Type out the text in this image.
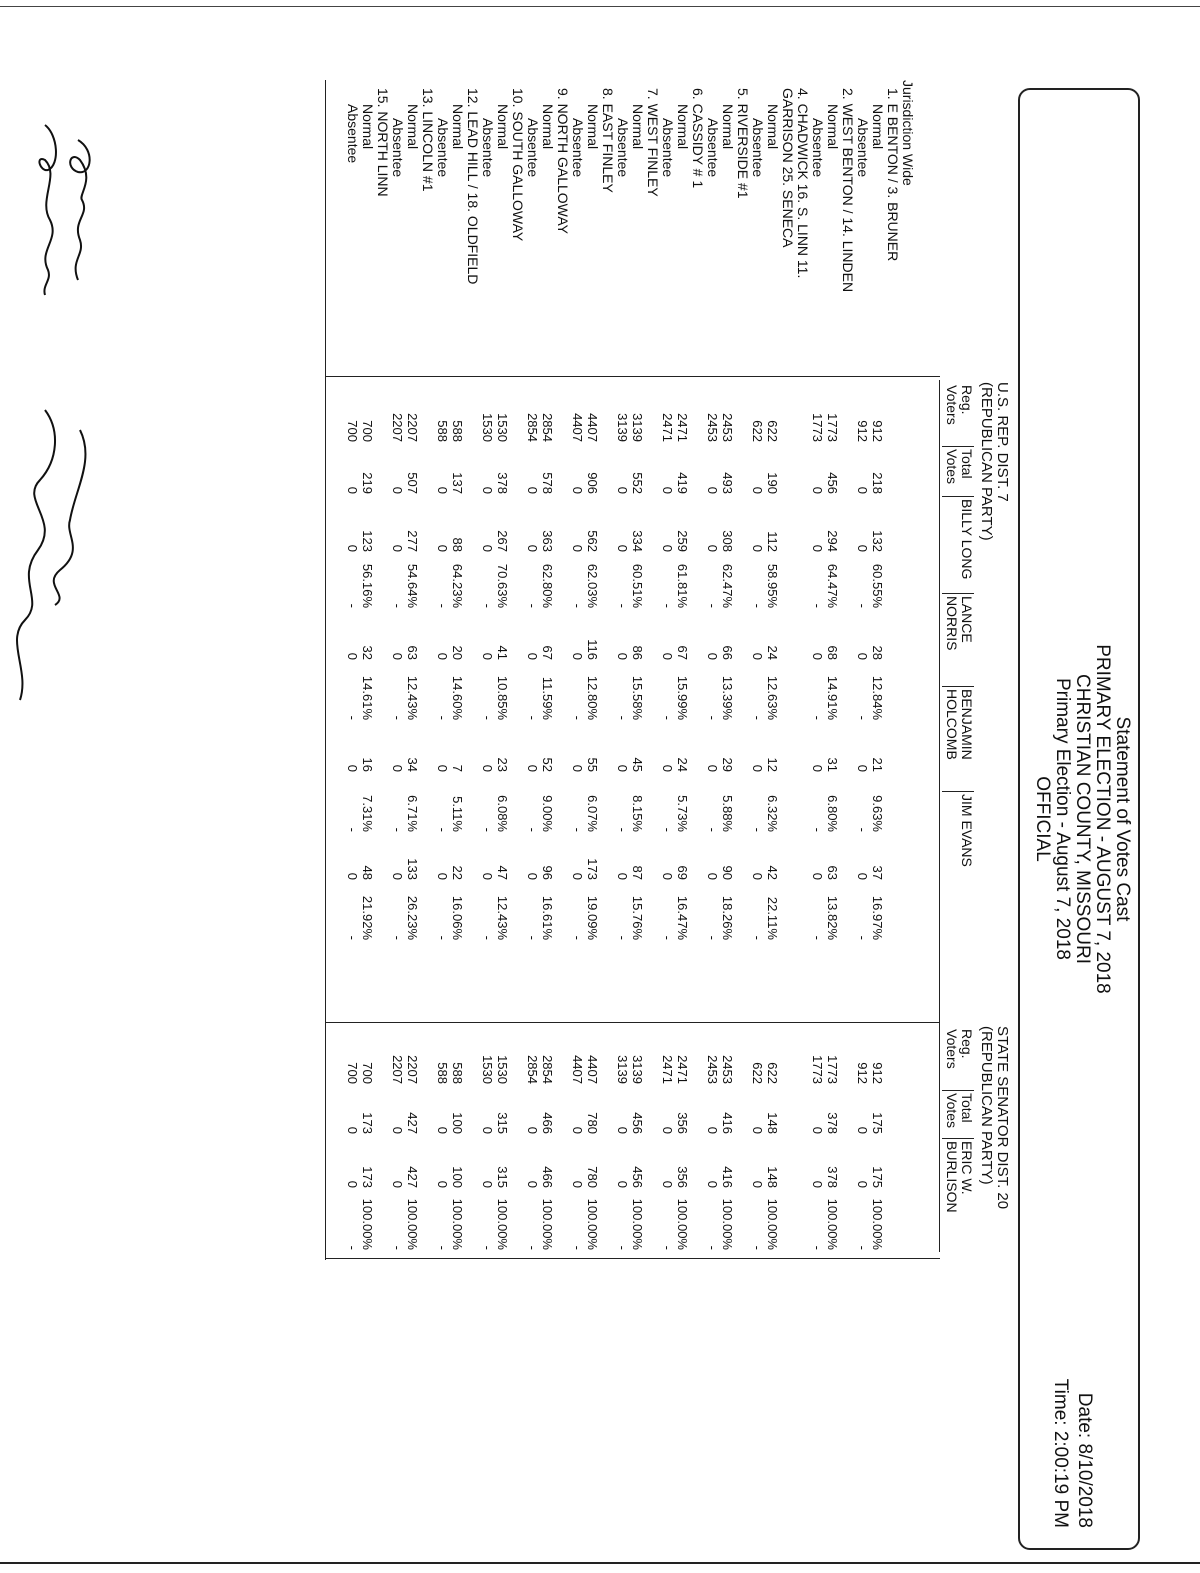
Statement of Votes Cast
PRIMARY ELECTION - AUGUST 7, 2018
CHRISTIAN COUNTY, MISSOURI
Primary Election - August 7, 2018
OFFICIAL
Date: 8/10/2018
Time: 2:00:19 PM
U.S. REP. DIST. 7
(REPUBLICAN PARTY)
Reg.
Voters
Total
Votes
BILLY LONG
LANCE
NORRIS
BENJAMIN
HOLCOMB
JIM EVANS
STATE SENATOR DIST. 20
(REPUBLICAN PARTY)
Reg.
Voters
Total
Votes
ERIC W.
BURLISON
Jurisdiction Wide
1. E BENTON / 3. BRUNER
Normal
912
218
132
60.55%
28
12.84%
21
9.63%
37
16.97%
912
175
175
100.00%
Absentee
912
0
0
-
0
-
0
-
0
-
912
0
0
-
2. WEST BENTON / 14. LINDEN
Normal
1773
456
294
64.47%
68
14.91%
31
6.80%
63
13.82%
1773
378
378
100.00%
Absentee
1773
0
0
-
0
-
0
-
0
-
1773
0
0
-
4. CHADWICK 16. S. LINN 11.
GARRISON 25. SENECA
Normal
622
190
112
58.95%
24
12.63%
12
6.32%
42
22.11%
622
148
148
100.00%
Absentee
622
0
0
-
0
-
0
-
0
-
622
0
0
-
5. RIVERSIDE #1
Normal
2453
493
308
62.47%
66
13.39%
29
5.88%
90
18.26%
2453
416
416
100.00%
Absentee
2453
0
0
-
0
-
0
-
0
-
2453
0
0
-
6. CASSIDY # 1
Normal
2471
419
259
61.81%
67
15.99%
24
5.73%
69
16.47%
2471
356
356
100.00%
Absentee
2471
0
0
-
0
-
0
-
0
-
2471
0
0
-
7. WEST FINLEY
Normal
3139
552
334
60.51%
86
15.58%
45
8.15%
87
15.76%
3139
456
456
100.00%
Absentee
3139
0
0
-
0
-
0
-
0
-
3139
0
0
-
8. EAST FINLEY
Normal
4407
906
562
62.03%
116
12.80%
55
6.07%
173
19.09%
4407
780
780
100.00%
Absentee
4407
0
0
-
0
-
0
-
0
-
4407
0
0
-
9. NORTH GALLOWAY
Normal
2854
578
363
62.80%
67
11.59%
52
9.00%
96
16.61%
2854
466
466
100.00%
Absentee
2854
0
0
-
0
-
0
-
0
-
2854
0
0
-
10. SOUTH GALLOWAY
Normal
1530
378
267
70.63%
41
10.85%
23
6.08%
47
12.43%
1530
315
315
100.00%
Absentee
1530
0
0
-
0
-
0
-
0
-
1530
0
0
-
12. LEAD HILL / 18. OLDFIELD
Normal
588
137
88
64.23%
20
14.60%
7
5.11%
22
16.06%
588
100
100
100.00%
Absentee
588
0
0
-
0
-
0
-
0
-
588
0
0
-
13. LINCOLN #1
Normal
2207
507
277
54.64%
63
12.43%
34
6.71%
133
26.23%
2207
427
427
100.00%
Absentee
2207
0
0
-
0
-
0
-
0
-
2207
0
0
-
15. NORTH LINN
Normal
700
219
123
56.16%
32
14.61%
16
7.31%
48
21.92%
700
173
173
100.00%
Absentee
700
0
0
-
0
-
0
-
0
-
700
0
0
-
